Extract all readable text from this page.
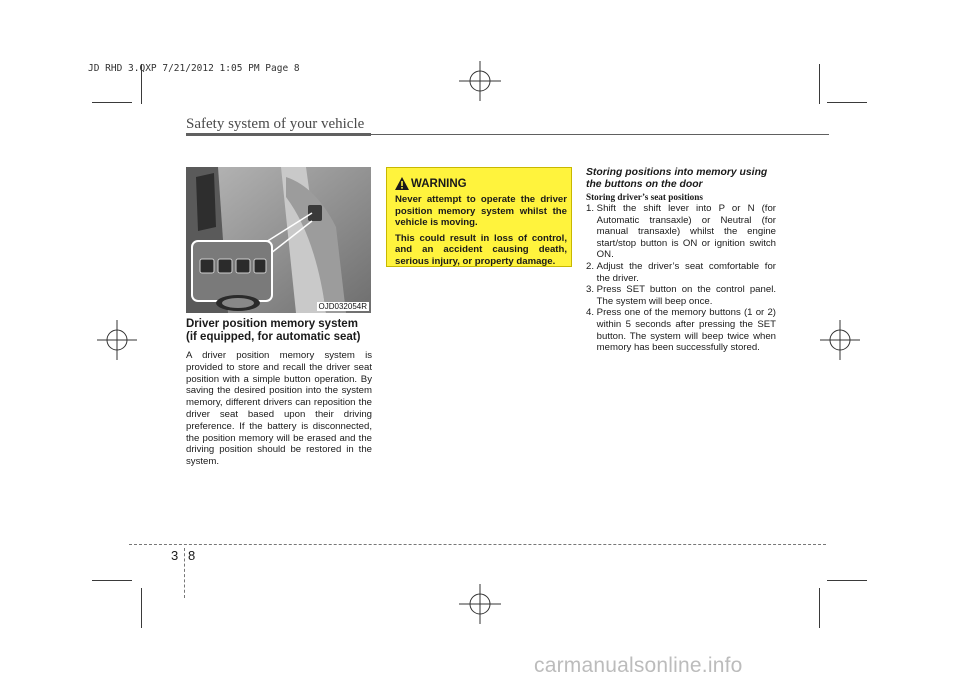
JD RHD 3.QXP 7/21/2012 1:05 PM Page 8
Safety system of your vehicle
OJD032054R
Driver position memory system
(if equipped, for automatic seat)
A driver position memory system is provided to store and recall the driver seat position with a simple button operation. By saving the desired position into the system memory, different drivers can reposition the driver seat based upon their driving preference. If the battery is disconnected, the position memory will be erased and the driving position should be restored in the system.
WARNING

Never attempt to operate the driver position memory system whilst the vehicle is moving.

This could result in loss of control, and an accident causing death, serious injury, or property damage.

Storing positions into memory using the buttons on the door
Storing driver’s seat positions
1. Shift the shift lever into P or N (for Automatic transaxle) or Neutral (for manual transaxle) whilst the engine start/stop button is ON or ignition switch ON.
2. Adjust the driver’s seat comfortable for the driver.
3. Press SET button on the control panel. The system will beep once.
4. Press one of the memory buttons (1 or 2) within 5 seconds after pressing the SET button. The system will beep twice when memory has been successfully stored.
3 8
carmanualsonline.info
